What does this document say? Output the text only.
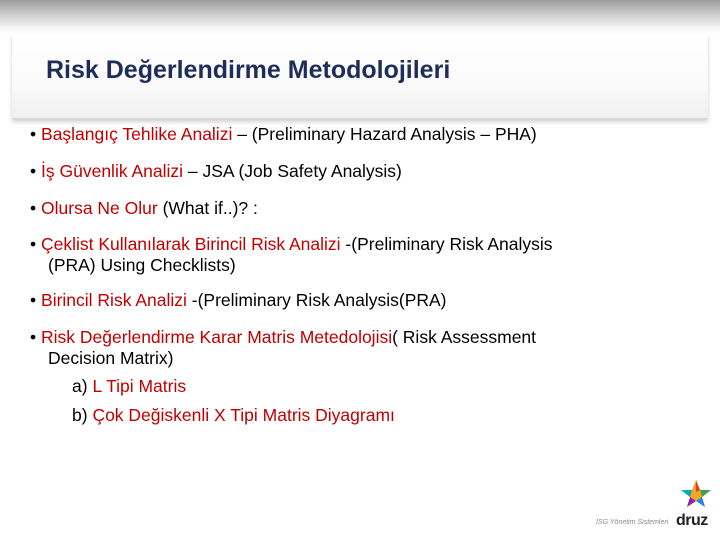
Risk Değerlendirme Metodolojileri
• Başlangıç Tehlike Analizi – (Preliminary Hazard Analysis – PHA)
• İş Güvenlik Analizi – JSA (Job Safety Analysis)
• Olursa Ne Olur (What if..)? :
• Çeklist Kullanılarak Birincil Risk Analizi -(Preliminary Risk Analysis
(PRA) Using Checklists)
• Birincil Risk Analizi -(Preliminary Risk Analysis(PRA)
• Risk Değerlendirme Karar Matris Metedolojisi( Risk Assessment
Decision Matrix)
a) L Tipi Matris
b) Çok Değiskenli X Tipi Matris Diyagramı
İSG Yönetim Sistemleri druz
